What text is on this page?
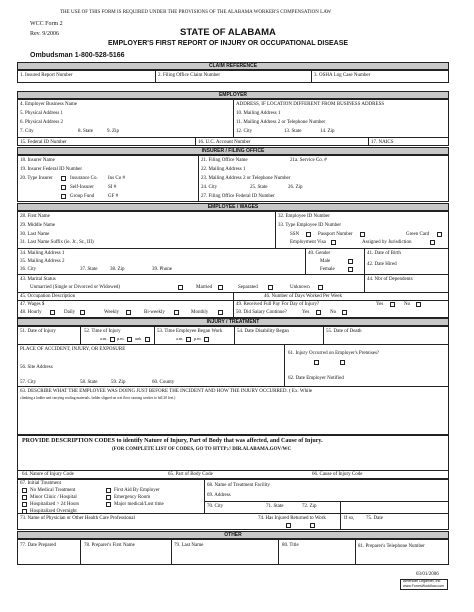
THE USE OF THIS FORM IS REQUIRED UNDER THE PROVISIONS OF THE ALABAMA WORKER'S COMPENSATION LAW
WCC Form 2
Rev. 9/2006	STATE OF ALABAMA
EMPLOYER'S FIRST REPORT OF INJURY OR OCCUPATIONAL DISEASE
Ombudsman 1-800-528-5166
CLAIM REFERENCE
1. Insured Report Number	2. Filing Office Claim Number	3. OSHA Log Case Number
EMPLOYER
4. Employer Business Name
5. Physical Address 1
6. Physical Address 2
7. City	8. State	9. Zip
ADDRESS, IF LOCATION DIFFERENT FROM BUSINESS ADDRESS
10. Mailing Address 1
11. Mailing Address 2 or Telephone Number
12. City	13. State	14. Zip
15. Federal ID Number	16. U.C. Account Number	17. NAICS
INSURER / FILING OFFICE
18. Insurer Name
19. Insurer Federal ID Number
20. Type Insurer	Insurance Co. Ins Co #
Self-Insurer	SI #
Group Fund	GF #
21. Filing Office Name	21a. Service Co. #
22. Mailing Address 1
23. Mailing Address 2 or Telephone Number
24. City	25. State	26. Zip
27. Filing Office Federal ID Number
EMPLOYEE / WAGES
28. First Name
29. Middle Name
30. Last Name
31. Last Name Suffix (ie. Jr., Sr., III)
32. Employee ID Number
33. Type Employee ID Number
SSN	Passport Number	Green Card
Employment Visa	Assigned by Jurisdiction
34. Mailing Address 1
35. Mailing Address 2
36. City	37. State	38. Zip	39. Phone
40. Gender
Male
Female
41. Date of Birth
42. Date Hired
43. Marital Status
Unmarried (Single or Divorced or Widowed)	Married	Separated	Unknown
44. Nbr of Dependents
45. Occupation Description	46. Number of Days Worked Per Week
47. Wages $
48. Hourly	Daily	Weekly	Bi-weekly	Monthly
49. Received Full Pay For Day of Injury?	Yes	No
50. Did Salary Continue?	Yes	No
INJURY / TREATMENT
51. Date of Injury	52. Time of Injury
a.m. p.m. unk
53. Time Employee Began Work
a.m. p.m.
54. Date Disability Began	55. Date of Death
PLACE OF ACCIDENT, INJURY, OR EXPOSURE
56. Site Address
57. City	58. State	59. Zip	60. County
61. Injury Occurred on Employer's Premises?
62. Date Employer Notified
63. DESCRIBE WHAT THE EMPLOYEE WAS DOING JUST BEFORE THE INCIDENT AND HOW THE INJURY OCCURRED. ( Ex. While
climbing a ladder and carrying roofing materials. ladder slipped on wet floor causing worker to fall 20 feet.)
PROVIDE DESCRIPTION CODES to identify Nature of Injury, Part of Body that was affected, and Cause of Injury.
(FOR COMPLETE LIST OF CODES, GO TO HTTP:// DIR.ALABAMA.GOV/WC
64. Nature of Injury Code	65. Part of Body Code	66. Cause of Injury Code
67. Initial Treatment
No Medical Treatment
Minor Clinic / Hospital
Hospitalized > 24 Hours
Hospitalized Overnight
First Aid By Employer
Emergency Room
Major medical/Lost time
68. Name of Treatment Facility
69. Address
70. City	71. State	72. Zip
73. Name of Physician or Other Health Care Professional	74. Has Injured Returned to Work	If so, 75. Date
OTHER
77. Date Prepared	78. Preparer's First Name	79. Last Name	80. Title	81. Preparer's Telephone Number
03/01/2006
American LegalNet, Inc.
www.FormsWorkflow.com
